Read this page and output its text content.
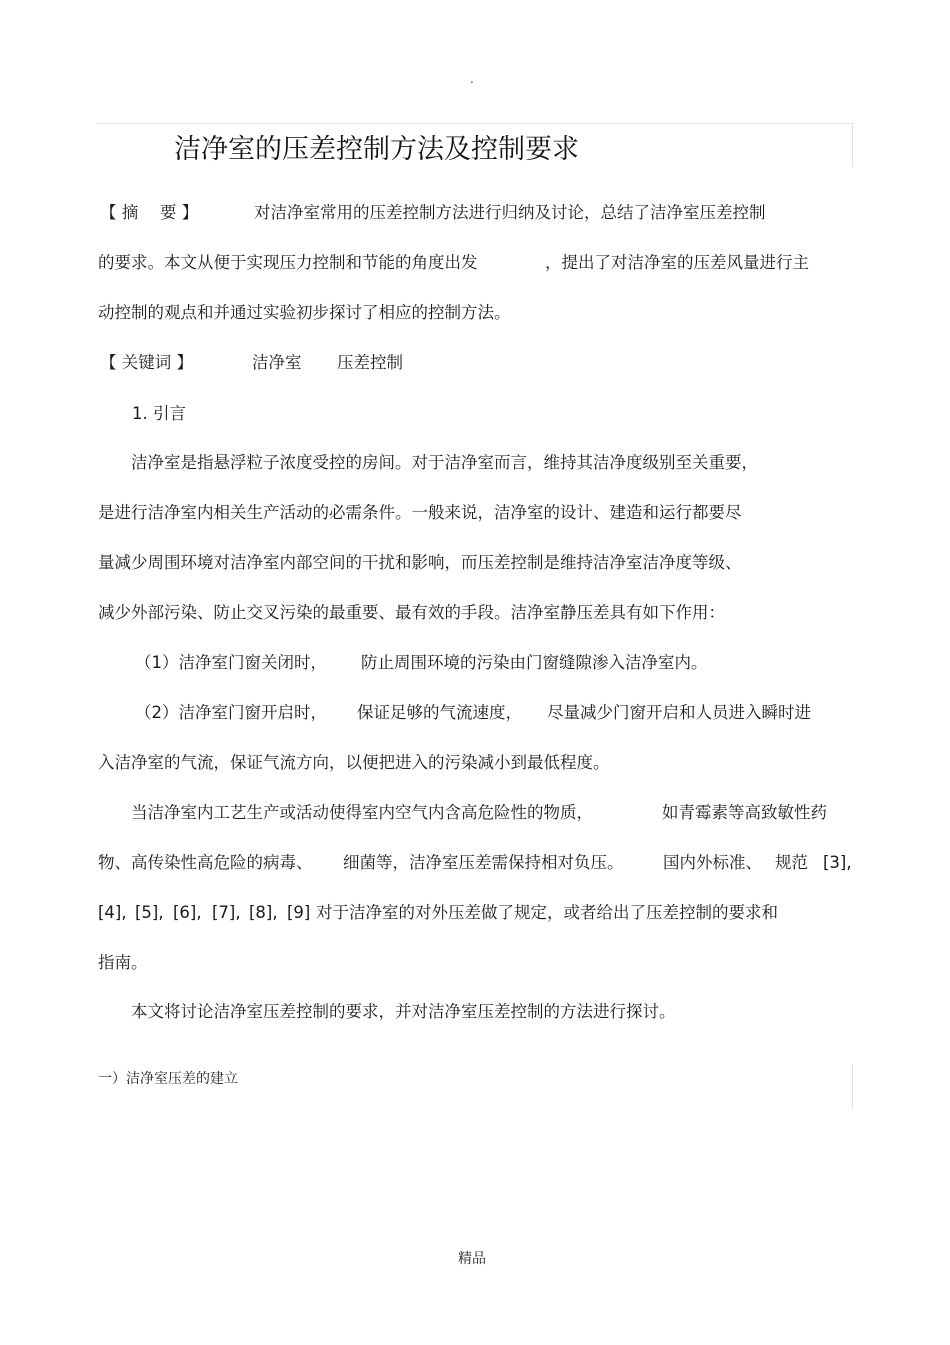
.
洁净室的压差控制方法及控制要求
【 摘　 要 】	对洁净室常用的压差控制方法进行归纳及讨论，总结了洁净室压差控制
的要求。本文从便于实现压力控制和节能的角度出发	，提出了对洁净室的压差风量进行主
动控制的观点和并通过实验初步探讨了相应的控制方法。
【 关键词 】	洁净室 压差控制
1. 引言
洁净室是指悬浮粒子浓度受控的房间。对于洁净室而言，维持其洁净度级别至关重要，
是进行洁净室内相关生产活动的必需条件。一般来说，洁净室的设计、建造和运行都要尽
量减少周围环境对洁净室内部空间的干扰和影响，而压差控制是维持洁净室洁净度等级、
减少外部污染、防止交叉污染的最重要、最有效的手段。洁净室静压差具有如下作用：
（1）洁净室门窗关闭时， 防止周围环境的污染由门窗缝隙渗入洁净室内。
（2）洁净室门窗开启时， 保证足够的气流速度， 尽量减少门窗开启和人员进入瞬时进
入洁净室的气流，保证气流方向，以便把进入的污染减小到最低程度。
当洁净室内工艺生产或活动使得室内空气内含高危险性的物质，	如青霉素等高致敏性药
物、高传染性高危险的病毒、 细菌等，洁净室压差需保持相对负压。 国内外标准、 规范 [3],
[4], [5], [6], [7], [8], [9] 对于洁净室的对外压差做了规定，或者给出了压差控制的要求和
指南。
本文将讨论洁净室压差控制的要求，并对洁净室压差控制的方法进行探讨。
一）洁净室压差的建立
精品
